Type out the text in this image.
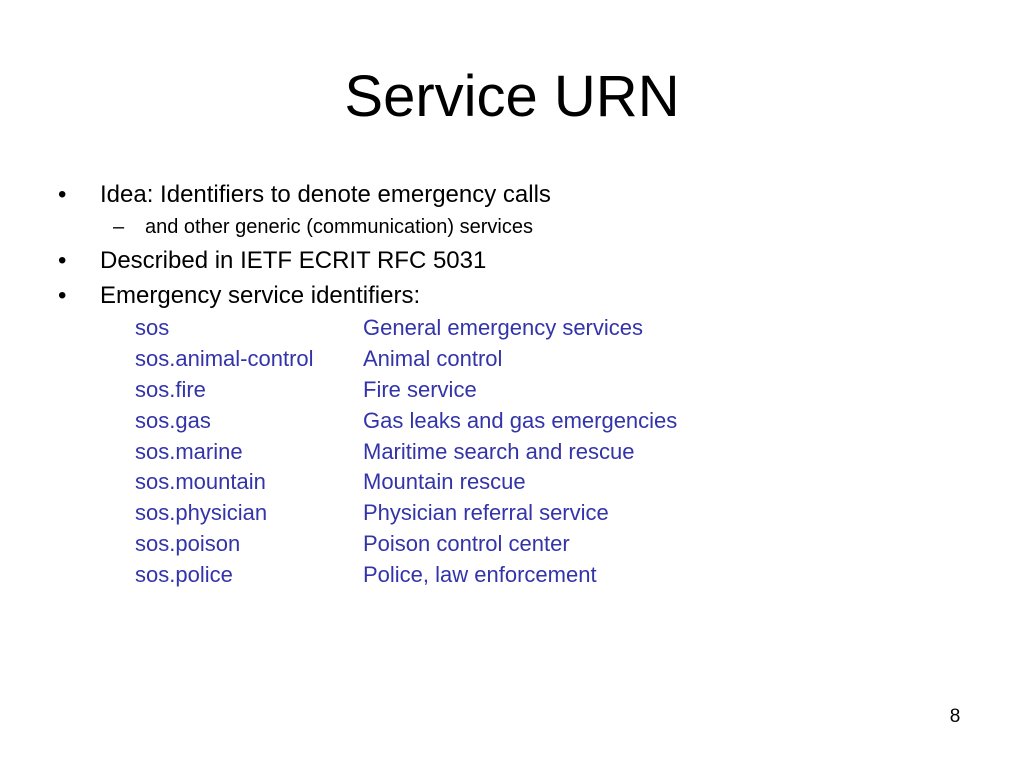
Service URN
• Idea: Identifiers to denote emergency calls
– and other generic (communication) services
• Described in IETF ECRIT RFC 5031
• Emergency service identifiers:
sos	General emergency services
sos.animal-control	Animal control
sos.fire	Fire service
sos.gas	Gas leaks and gas emergencies
sos.marine	Maritime search and rescue
sos.mountain	Mountain rescue
sos.physician	Physician referral service
sos.poison	Poison control center
sos.police	Police, law enforcement
8
